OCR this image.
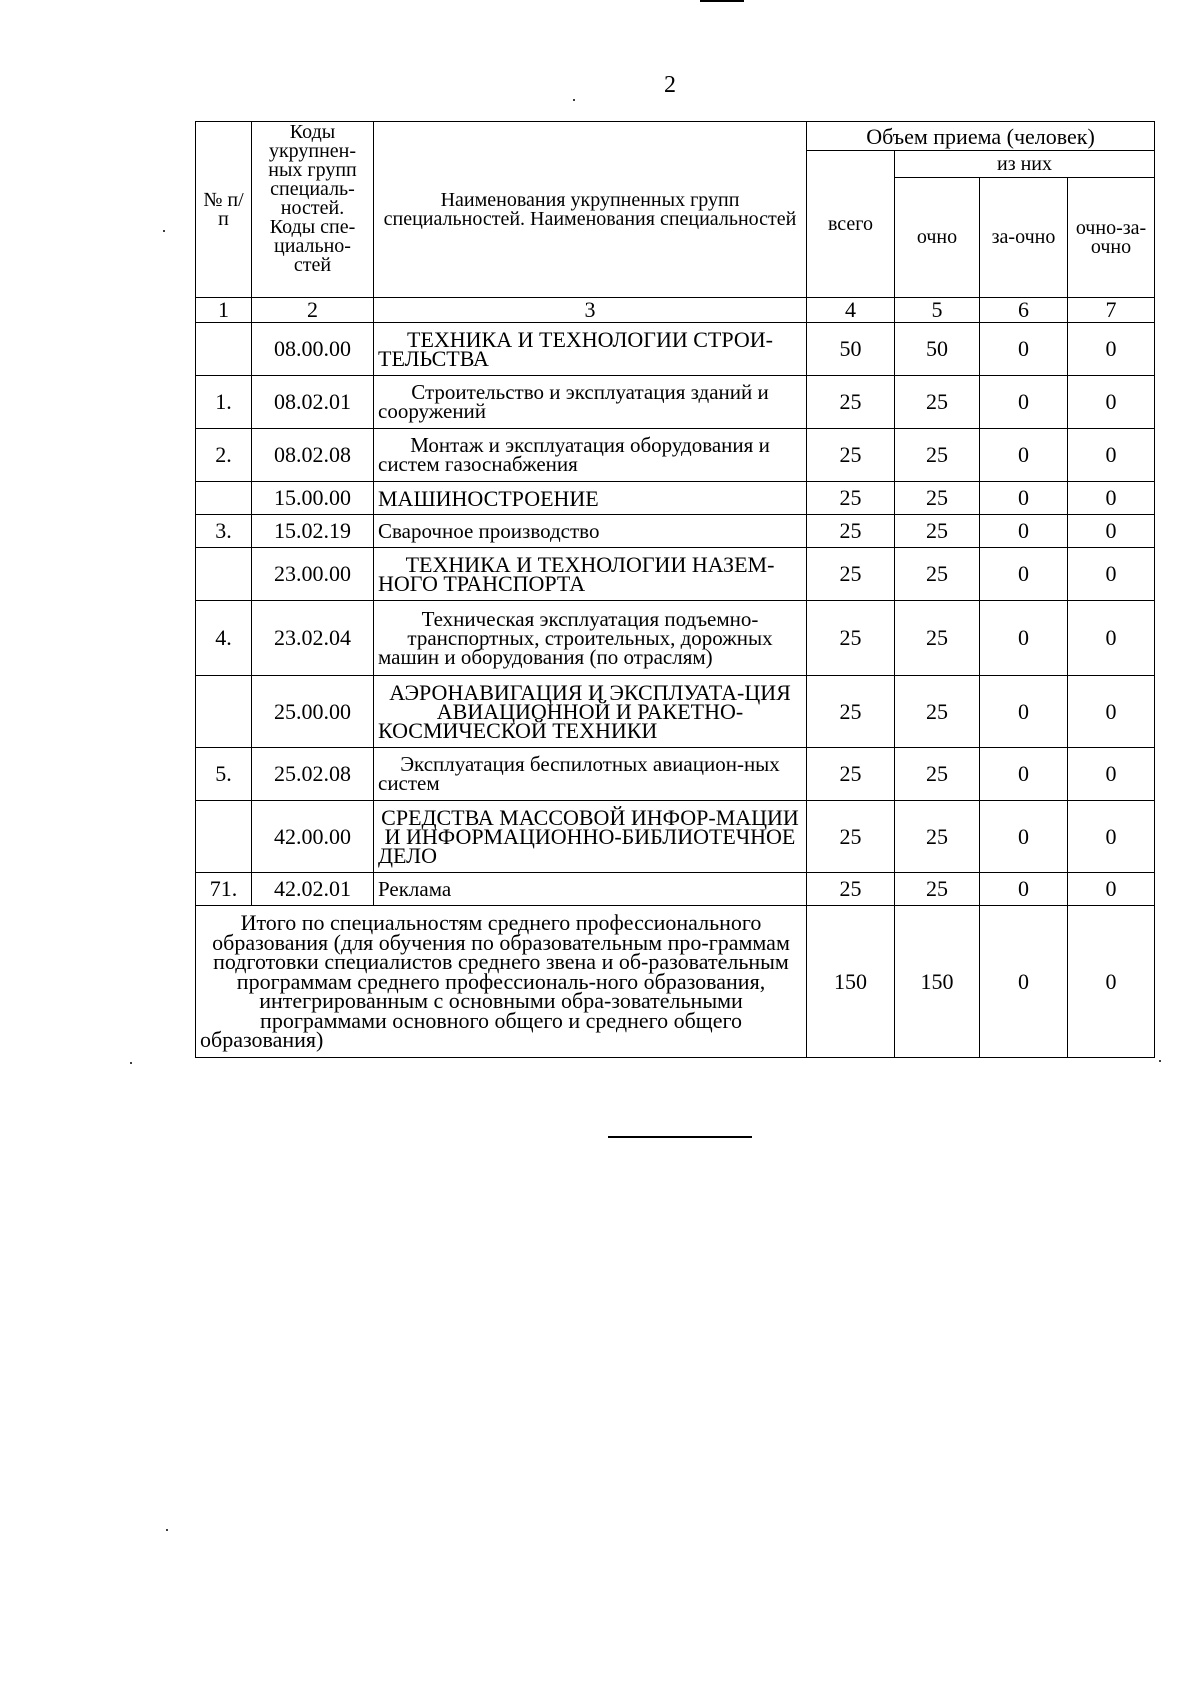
2
№ п/п	Коды укрупнен-ных групп специаль-ностей. Коды спе-циально-стей	Наименования укрупненных групп специальностей. Наименования специальностей	Объем приема (человек)			
			всего	из них		
				очно	за-очно	очно-за-очно
1	2	3	4	5	6	7
	08.00.00	ТЕХНИКА И ТЕХНОЛОГИИ СТРОИ-ТЕЛЬСТВА	50	50	0	0
1.	08.02.01	Строительство и эксплуатация зданий и сооружений	25	25	0	0
2.	08.02.08	Монтаж и эксплуатация оборудования и систем газоснабжения	25	25	0	0
	15.00.00	МАШИНОСТРОЕНИЕ	25	25	0	0
3.	15.02.19	Сварочное производство	25	25	0	0
	23.00.00	ТЕХНИКА И ТЕХНОЛОГИИ НАЗЕМ-НОГО ТРАНСПОРТА	25	25	0	0
4.	23.02.04	Техническая эксплуатация подъемно-транспортных, строительных, дорожных машин и оборудования (по отраслям)	25	25	0	0
	25.00.00	АЭРОНАВИГАЦИЯ И ЭКСПЛУАТА-ЦИЯ АВИАЦИОННОЙ И РАКЕТНО-КОСМИЧЕСКОЙ ТЕХНИКИ	25	25	0	0
5.	25.02.08	Эксплуатация беспилотных авиацион-ных систем	25	25	0	0
	42.00.00	СРЕДСТВА МАССОВОЙ ИНФОР-МАЦИИ И ИНФОРМАЦИОННО-БИБЛИОТЕЧНОЕ ДЕЛО	25	25	0	0
71.	42.02.01	Реклама	25	25	0	0
Итого по специальностям среднего профессионального образования (для обучения по образовательным про-граммам подготовки специалистов среднего звена и об-разовательным программам среднего профессиональ-ного образования, интегрированным с основными обра-зовательными программами основного общего и среднего общего образования)			150	150	0	0
